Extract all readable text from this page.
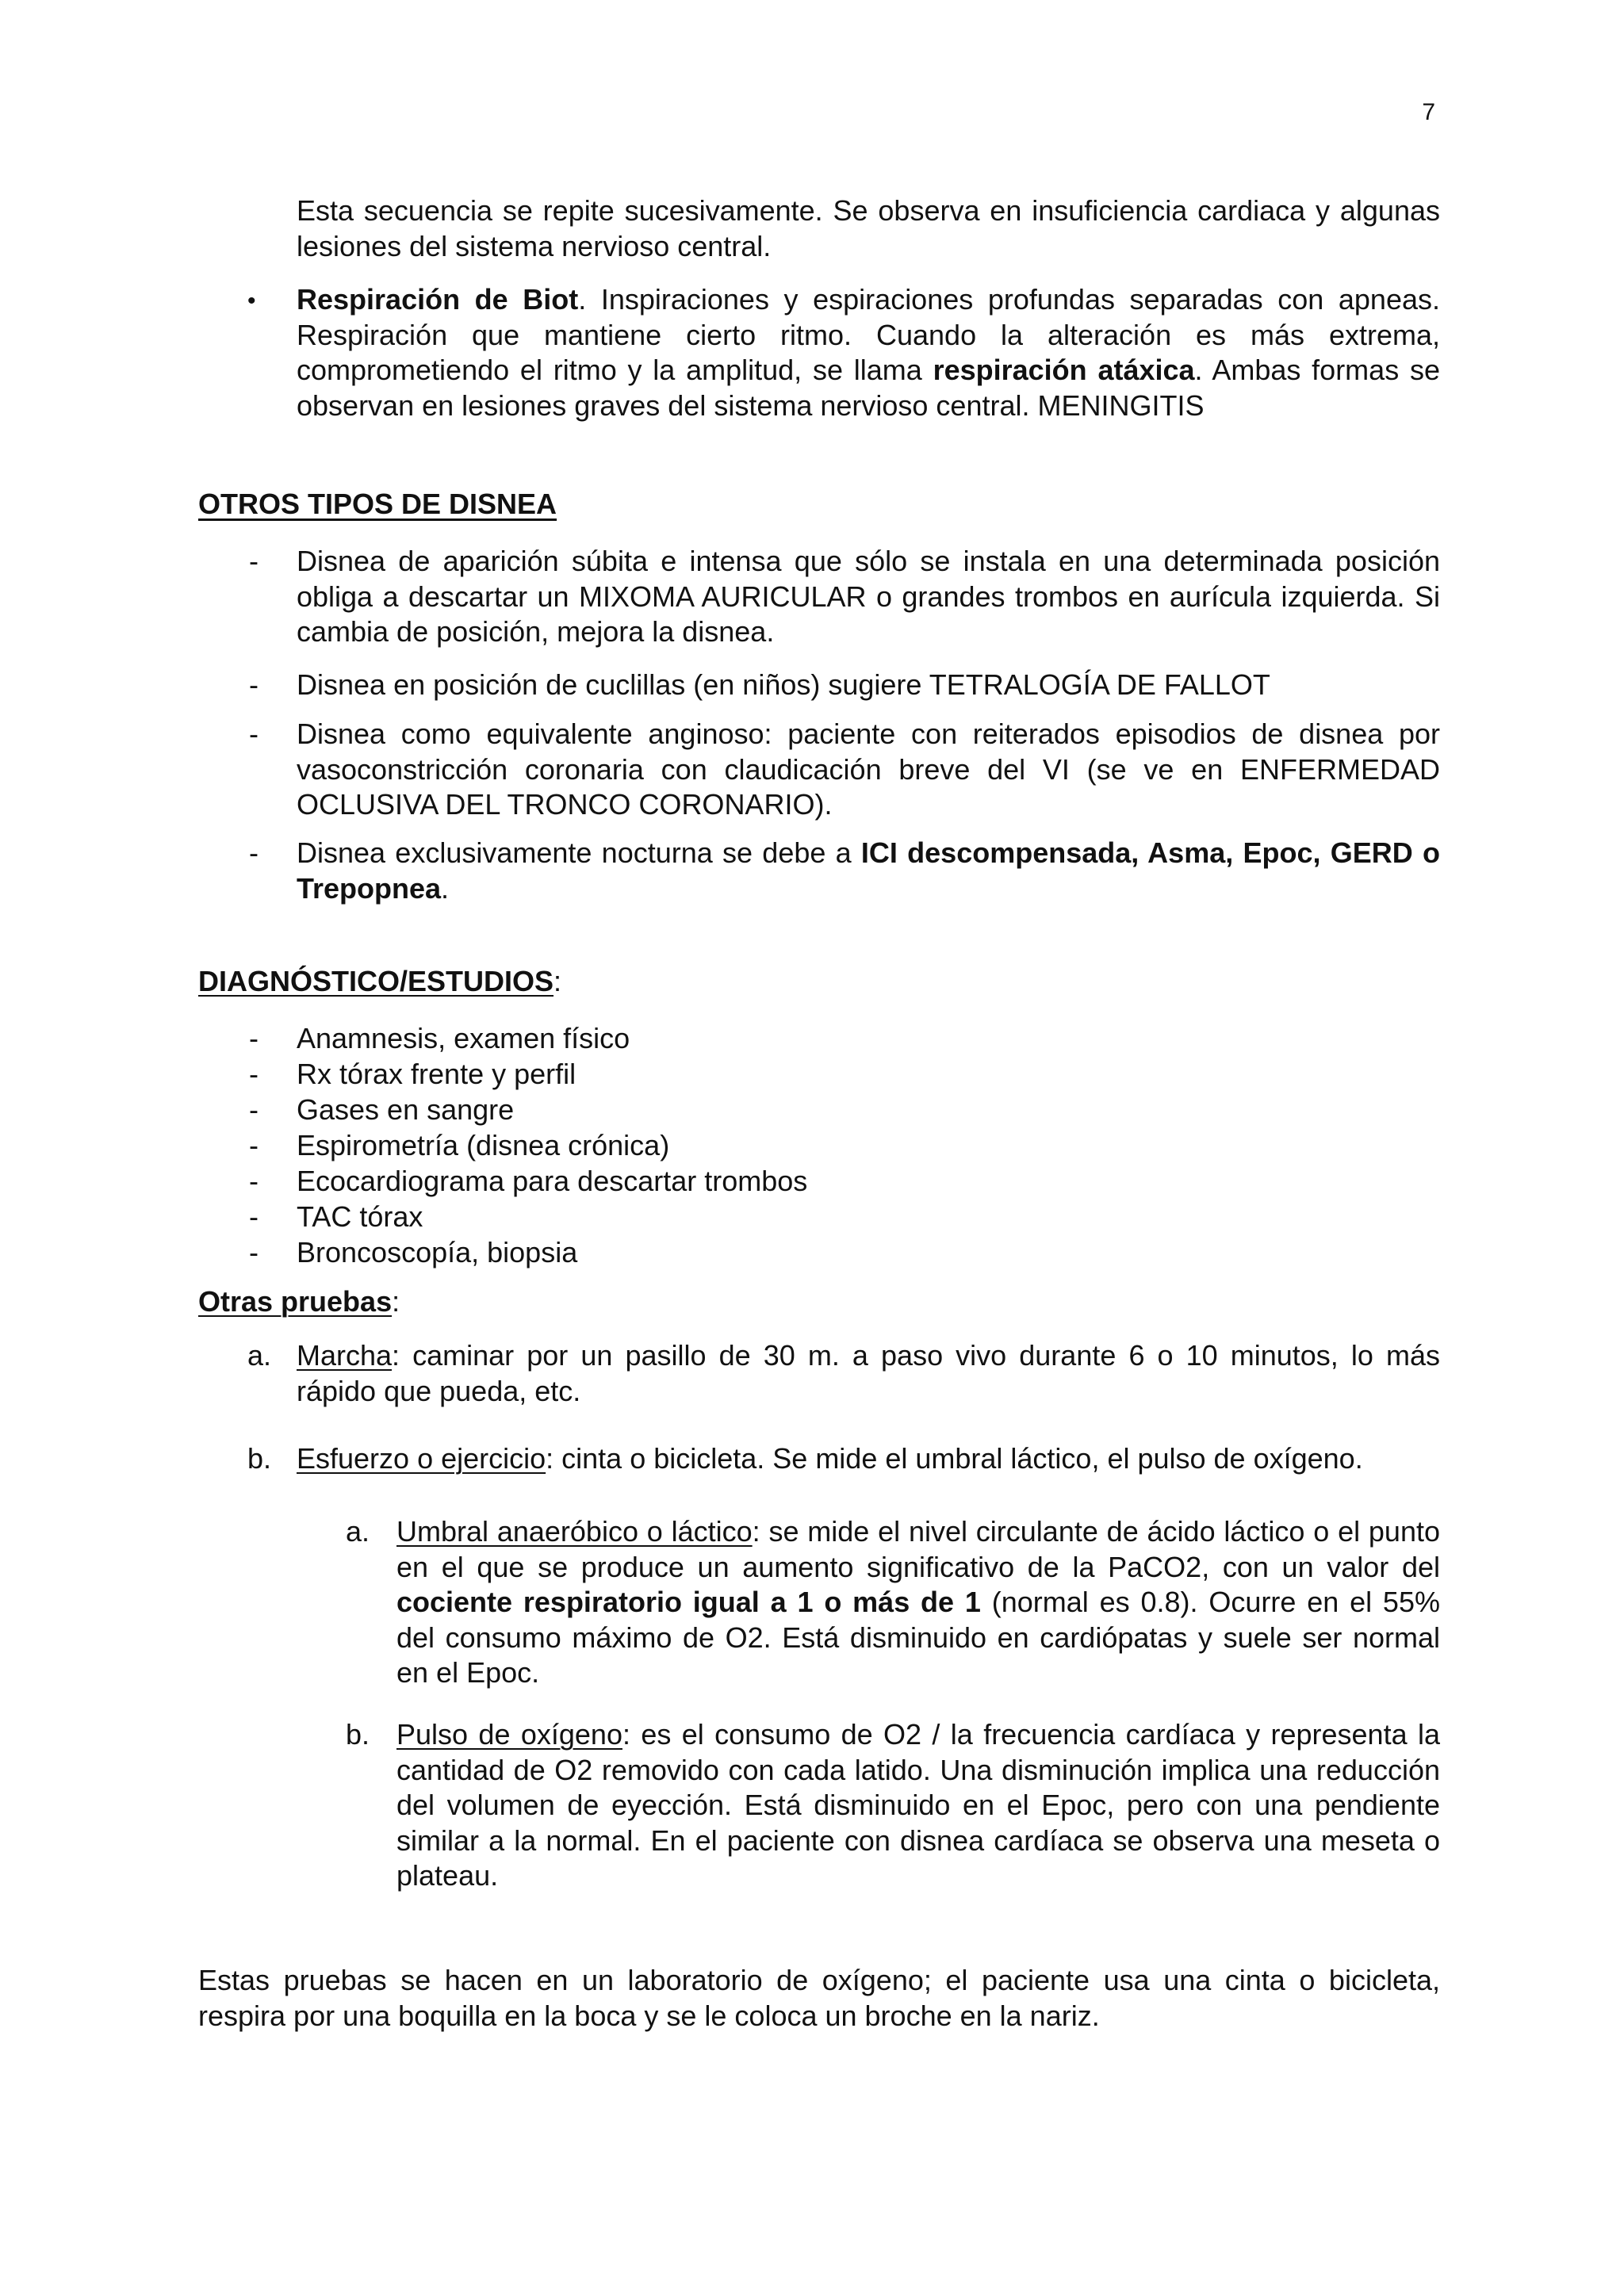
7

Esta secuencia se repite sucesivamente. Se observa en insuficiencia cardiaca y algunas lesiones del sistema nervioso central.

• Respiración de Biot. Inspiraciones y espiraciones profundas separadas con apneas. Respiración que mantiene cierto ritmo. Cuando la alteración es más extrema, comprometiendo el ritmo y la amplitud, se llama respiración atáxica. Ambas formas se observan en lesiones graves del sistema nervioso central. MENINGITIS

OTROS TIPOS DE DISNEA
- Disnea de aparición súbita e intensa que sólo se instala en una determinada posición obliga a descartar un MIXOMA AURICULAR o grandes trombos en aurícula izquierda. Si cambia de posición, mejora la disnea.

- Disnea en posición de cuclillas (en niños) sugiere TETRALOGÍA DE FALLOT

- Disnea como equivalente anginoso: paciente con reiterados episodios de disnea por vasoconstricción coronaria con claudicación breve del VI (se ve en ENFERMEDAD OCLUSIVA DEL TRONCO CORONARIO).

- Disnea exclusivamente nocturna se debe a ICI descompensada, Asma, Epoc, GERD o Trepopnea.

DIAGNÓSTICO/ESTUDIOS:
- Anamnesis, examen físico

- Rx tórax frente y perfil

- Gases en sangre

- Espirometría (disnea crónica)

- Ecocardiograma para descartar trombos

- TAC tórax

- Broncoscopía, biopsia

Otras pruebas:
a. Marcha: caminar por un pasillo de 30 m. a paso vivo durante 6 o 10 minutos, lo más rápido que pueda, etc.

b. Esfuerzo o ejercicio: cinta o bicicleta. Se mide el umbral láctico, el pulso de oxígeno.

a. Umbral anaeróbico o láctico: se mide el nivel circulante de ácido láctico o el punto en el que se produce un aumento significativo de la PaCO2, con un valor del cociente respiratorio igual a 1 o más de 1 (normal es 0.8). Ocurre en el 55% del consumo máximo de O2. Está disminuido en cardiópatas y suele ser normal en el Epoc.

b. Pulso de oxígeno: es el consumo de O2 / la frecuencia cardíaca y representa la cantidad de O2 removido con cada latido. Una disminución implica una reducción del volumen de eyección. Está disminuido en el Epoc, pero con una pendiente similar a la normal. En el paciente con disnea cardíaca se observa una meseta o plateau.

Estas pruebas se hacen en un laboratorio de oxígeno; el paciente usa una cinta o bicicleta, respira por una boquilla en la boca y se le coloca un broche en la nariz.
